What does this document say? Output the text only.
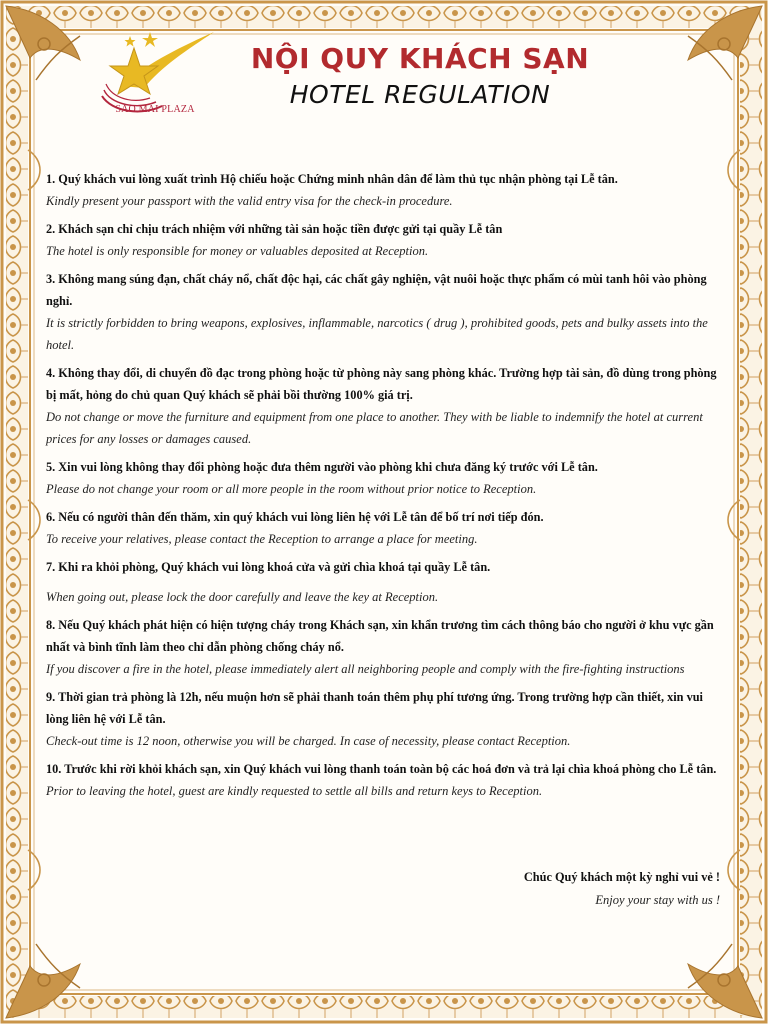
SAO MAI PLAZA
NỘI QUY KHÁCH SẠN
HOTEL REGULATION
1. Quý khách vui lòng xuất trình Hộ chiếu hoặc Chứng minh nhân dân để làm thủ tục nhận phòng tại Lễ tân.
Kindly present your passport with the valid entry visa for the check-in procedure.
2. Khách sạn chỉ chịu trách nhiệm với những tài sản hoặc tiền được gửi tại quầy Lễ tân
The hotel is only responsible for money or valuables deposited at Reception.
3. Không mang súng đạn, chất cháy nổ, chất độc hại, các chất gây nghiện, vật nuôi hoặc thực phẩm có mùi tanh hôi vào phòng nghỉ.
It is strictly forbidden to bring weapons, explosives, inflammable, narcotics ( drug ), prohibited goods, pets and bulky assets into the hotel.
4. Không thay đổi, di chuyển đồ đạc trong phòng hoặc từ phòng này sang phòng khác. Trường hợp tài sản, đồ dùng trong phòng bị mất, hỏng do chủ quan Quý khách sẽ phải bồi thường 100% giá trị.
Do not change or move the furniture and equipment from one place to another. They with be liable to indemnify the hotel at current prices for any losses or damages caused.
5. Xin vui lòng không thay đổi phòng hoặc đưa thêm người vào phòng khi chưa đăng ký trước với Lễ tân.
Please do not change your room or all more people in the room without prior notice to Reception.
6. Nếu có người thân đến thăm, xin quý khách vui lòng liên hệ với Lễ tân để bố trí nơi tiếp đón.
To receive your relatives, please contact the Reception to arrange a place for meeting.
7. Khi ra khỏi phòng, Quý khách vui lòng khoá cửa và gửi chìa khoá tại quầy Lễ tân.
When going out, please lock the door carefully and leave the key at Reception.
8. Nếu Quý khách phát hiện có hiện tượng cháy trong Khách sạn, xin khẩn trương tìm cách thông báo cho người ở khu vực gần nhất và bình tĩnh làm theo chỉ dẫn phòng chống cháy nổ.
If you discover a fire in the hotel, please immediately alert all neighboring people and comply with the fire-fighting instructions
9. Thời gian trả phòng là 12h, nếu muộn hơn sẽ phải thanh toán thêm phụ phí tương ứng. Trong trường hợp cần thiết, xin vui lòng liên hệ với Lễ tân.
Check-out time is 12 noon, otherwise you will be charged. In case of necessity, please contact Reception.
10. Trước khi rời khỏi khách sạn, xin Quý khách vui lòng thanh toán toàn bộ các hoá đơn và trả lại chìa khoá phòng cho Lễ tân.
Prior to leaving the hotel, guest are kindly requested to settle all bills and return keys to Reception.
Chúc Quý khách một kỳ nghỉ vui vẻ !
Enjoy your stay with us !
